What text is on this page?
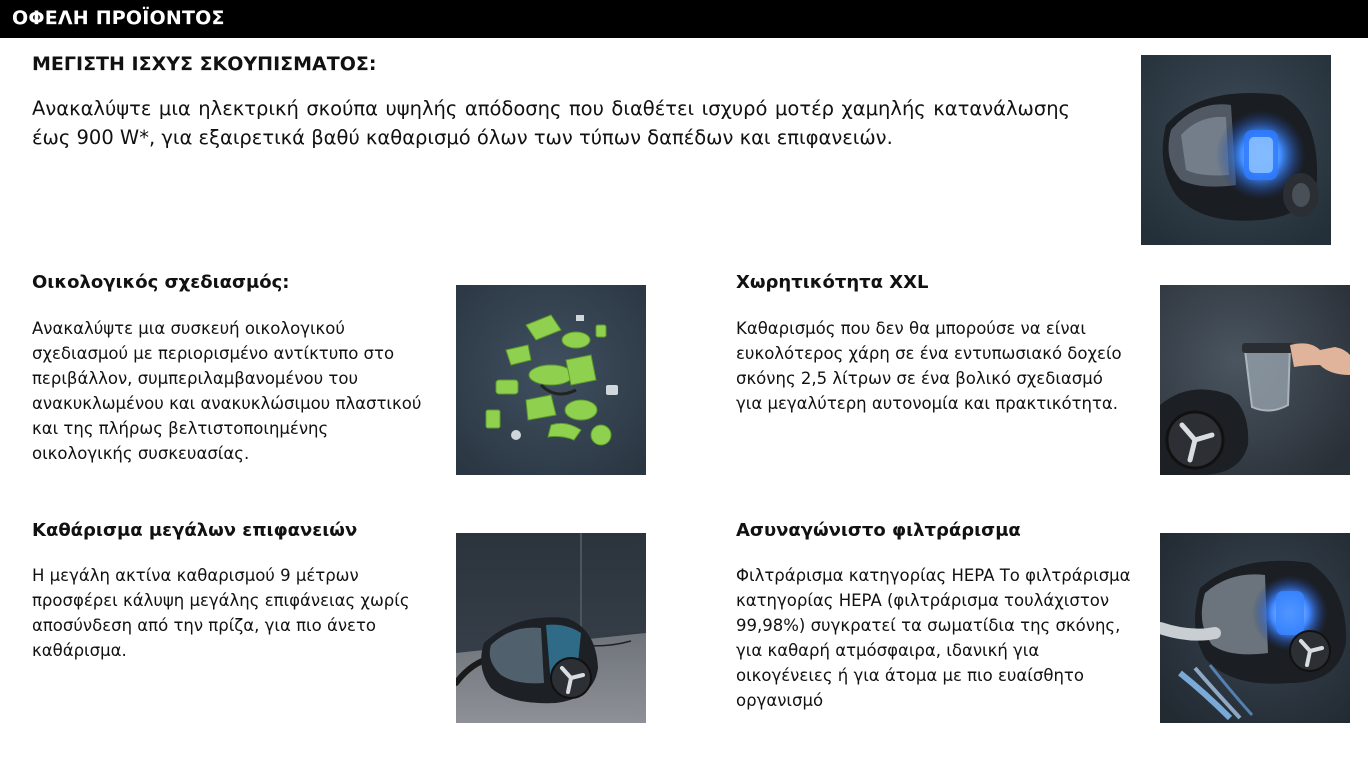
ΟΦΕΛΗ ΠΡΟΪΟΝΤΟΣ
ΜΕΓΙΣΤΗ ΙΣΧΥΣ ΣΚΟΥΠΙΣΜΑΤΟΣ:
Ανακαλύψτε μια ηλεκτρική σκούπα υψηλής απόδοσης που διαθέτει ισχυρό μοτέρ χαμηλής κατανάλωσης έως 900 W*, για εξαιρετικά βαθύ καθαρισμό όλων των τύπων δαπέδων και επιφανειών.
Οικολογικός σχεδιασμός:
Ανακαλύψτε μια συσκευή οικολογικού σχεδιασμού με περιορισμένο αντίκτυπο στο περιβάλλον, συμπεριλαμβανομένου του ανακυκλωμένου και ανακυκλώσιμου πλαστικού και της πλήρως βελτιστοποιημένης οικολογικής συσκευασίας.
Χωρητικότητα XXL
Καθαρισμός που δεν θα μπορούσε να είναι ευκολότερος χάρη σε ένα εντυπωσιακό δοχείο σκόνης 2,5 λίτρων σε ένα βολικό σχεδιασμό για μεγαλύτερη αυτονομία και πρακτικότητα.
Καθάρισμα μεγάλων επιφανειών
Η μεγάλη ακτίνα καθαρισμού 9 μέτρων προσφέρει κάλυψη μεγάλης επιφάνειας χωρίς αποσύνδεση από την πρίζα, για πιο άνετο καθάρισμα.
Ασυναγώνιστο φιλτράρισμα
Φιλτράρισμα κατηγορίας HEPA Το φιλτράρισμα κατηγορίας HEPA (φιλτράρισμα τουλάχιστον 99,98%) συγκρατεί τα σωματίδια της σκόνης, για καθαρή ατμόσφαιρα, ιδανική για οικογένειες ή για άτομα με πιο ευαίσθητο οργανισμό
